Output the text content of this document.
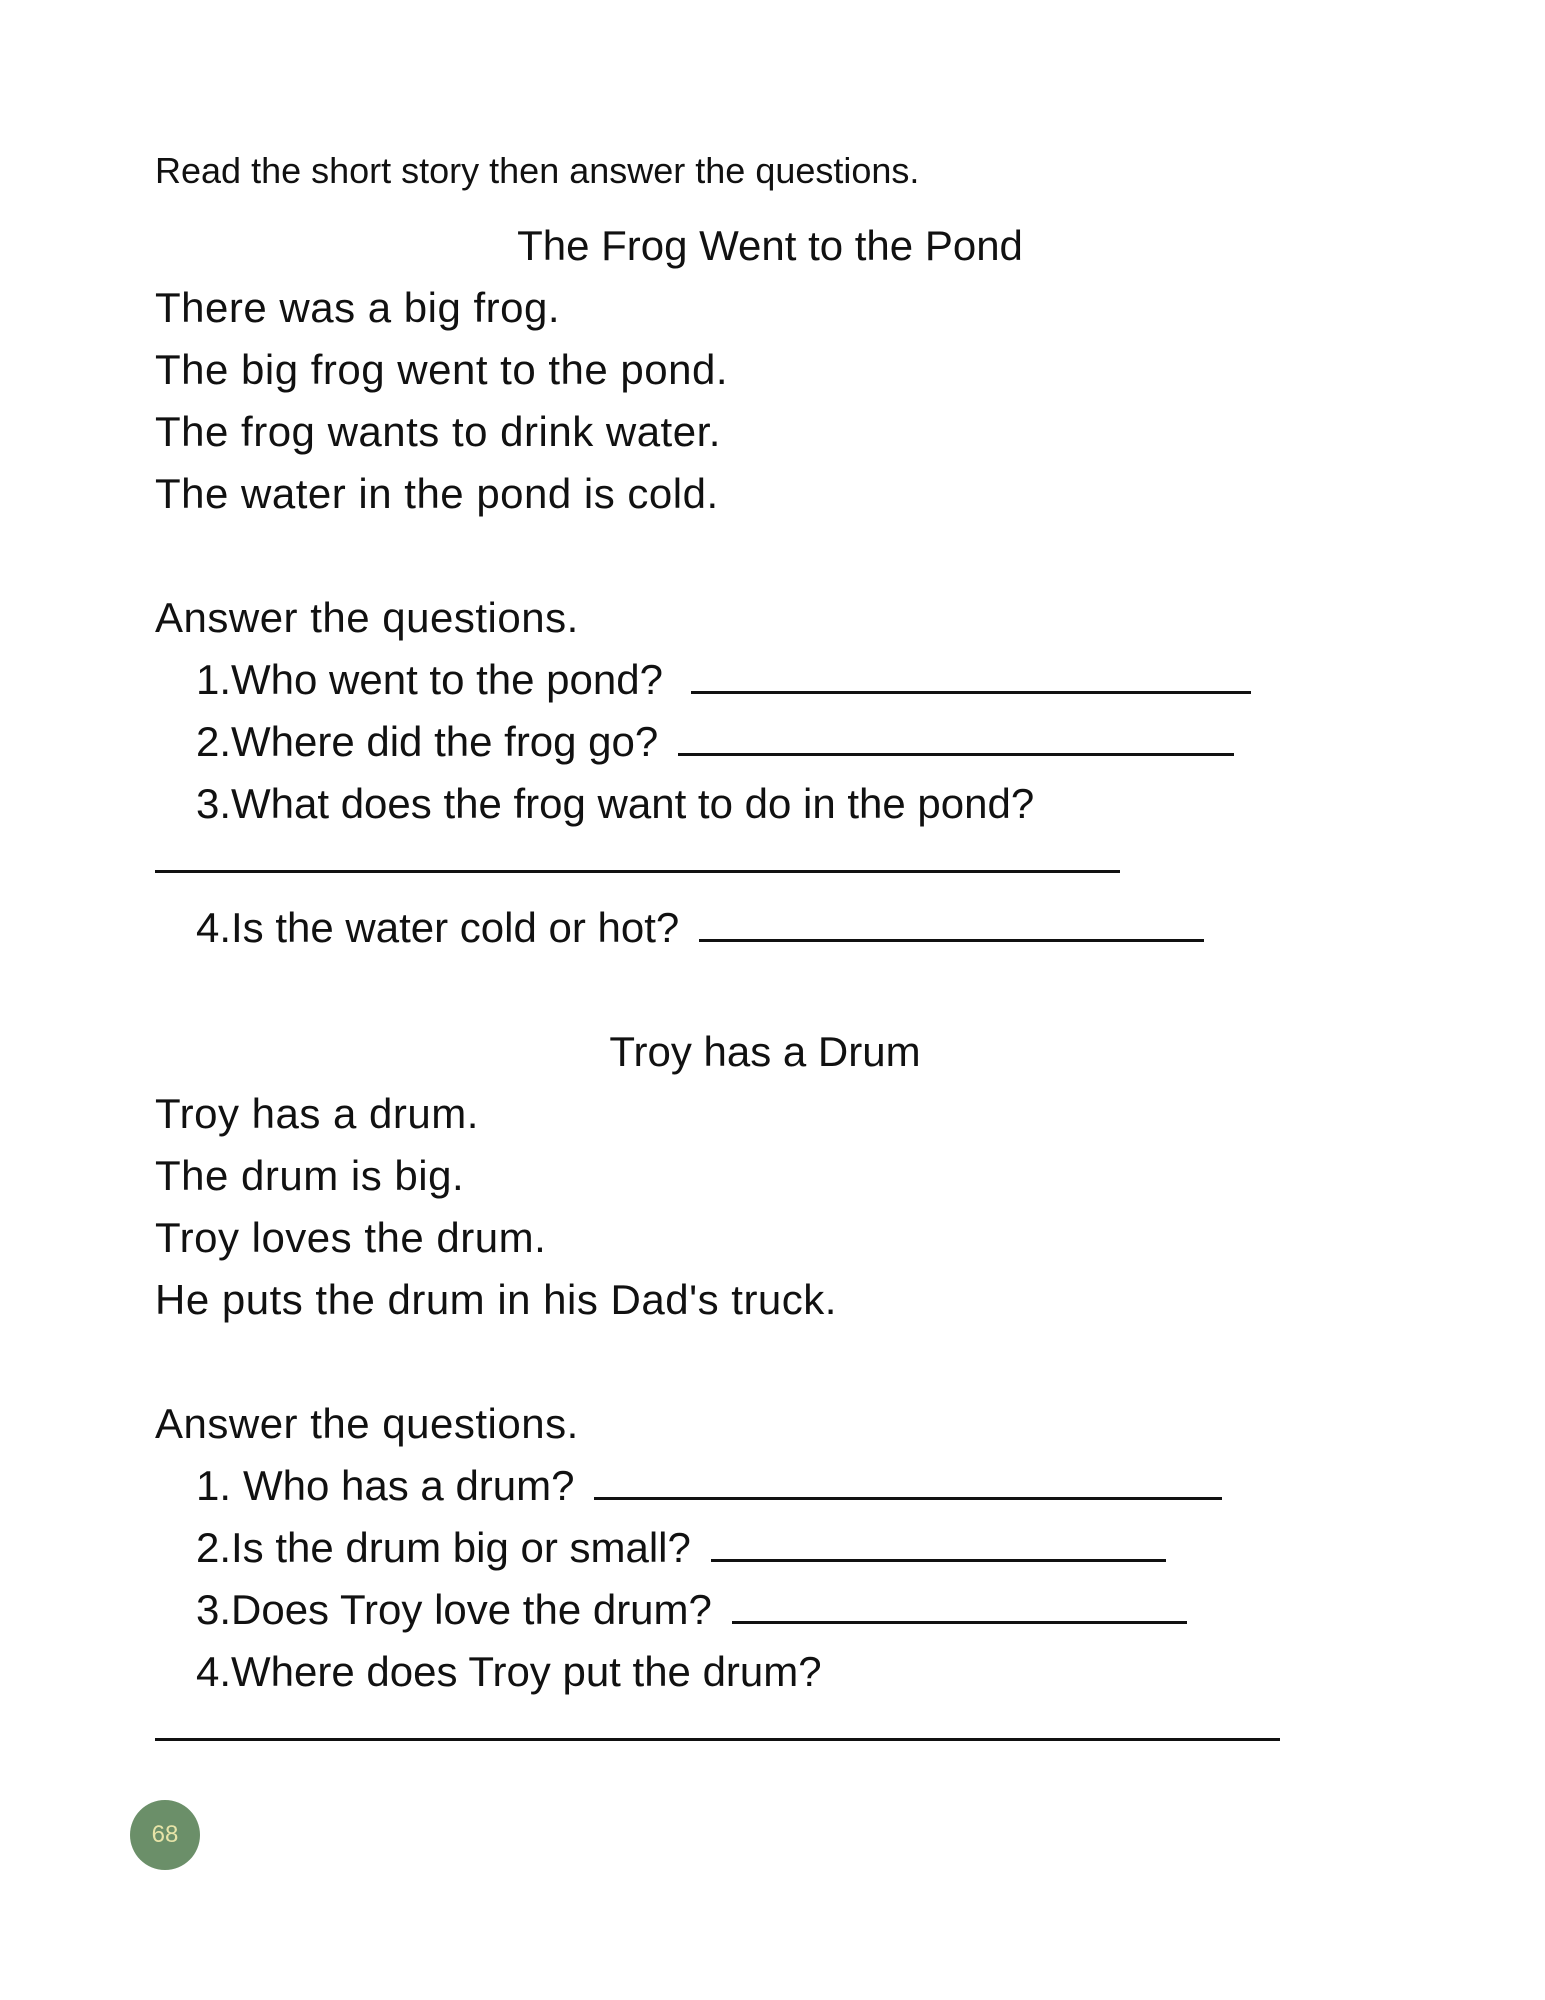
Read the short story then answer the questions.
The Frog Went to the Pond
There was a big frog.
The big frog went to the pond.
The frog wants to drink water.
The water in the pond is cold.
Answer the questions.
1.Who went to the pond?
2.Where did the frog go?
3.What does the frog want to do in the pond?
4.Is the water cold or hot?
Troy has a Drum
Troy has a drum.
The drum is big.
Troy loves the drum.
He puts the drum in his Dad's truck.
Answer the questions.
1. Who has a drum?
2.Is the drum big or small?
3.Does Troy love the drum?
4.Where does Troy put the drum?
68
